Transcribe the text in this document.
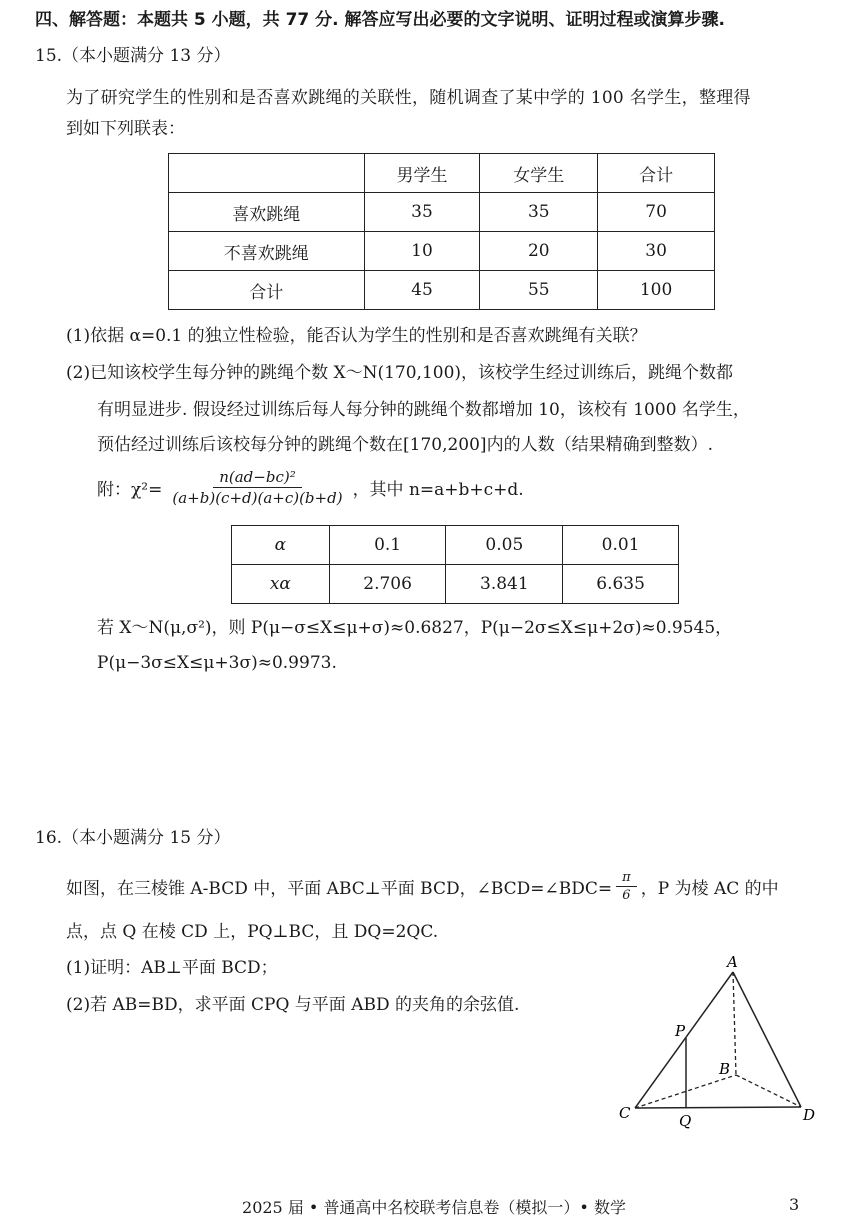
四、解答题：本题共 5 小题，共 77 分. 解答应写出必要的文字说明、证明过程或演算步骤.
15.（本小题满分 13 分）
为了研究学生的性别和是否喜欢跳绳的关联性，随机调查了某中学的 100 名学生，整理得
到如下列联表：
	男学生	女学生	合计
喜欢跳绳	35	35	70
不喜欢跳绳	10	20	30
合计	45	55	100
(1)依据 α=0.1 的独立性检验，能否认为学生的性别和是否喜欢跳绳有关联？
(2)已知该校学生每分钟的跳绳个数 X～N(170,100)，该校学生经过训练后，跳绳个数都
有明显进步. 假设经过训练后每人每分钟的跳绳个数都增加 10，该校有 1000 名学生，
预估经过训练后该校每分钟的跳绳个数在[170,200]内的人数（结果精确到整数）.
附：$\chi^2= \frac{\text{n(ad−bc)²}}{(a+b)(c+d)(a+c)(b+d)}$ ，其中 n=a+b+c+d.
α	0.1	0.05	0.01
xα	2.706	3.841	6.635
若 X～N(μ,σ²)，则 P(μ−σ≤X≤μ+σ)≈0.6827，P(μ−2σ≤X≤μ+2σ)≈0.9545，
P(μ−3σ≤X≤μ+3σ)≈0.9973.
16.（本小题满分 15 分）
如图，在三棱锥 A-BCD 中，平面 ABC⊥平面 BCD，∠BCD=∠BDC= $\frac{\pi}{6}$ ，P 为棱 AC 的中
点，点 Q 在棱 CD 上，PQ⊥BC，且 DQ=2QC.
(1)证明：AB⊥平面 BCD；
(2)若 AB=BD，求平面 CPQ 与平面 ABD 的夹角的余弦值.
A
B
C	D
P
Q
2025 届 • 普通高中名校联考信息卷（模拟一）• 数学	3
